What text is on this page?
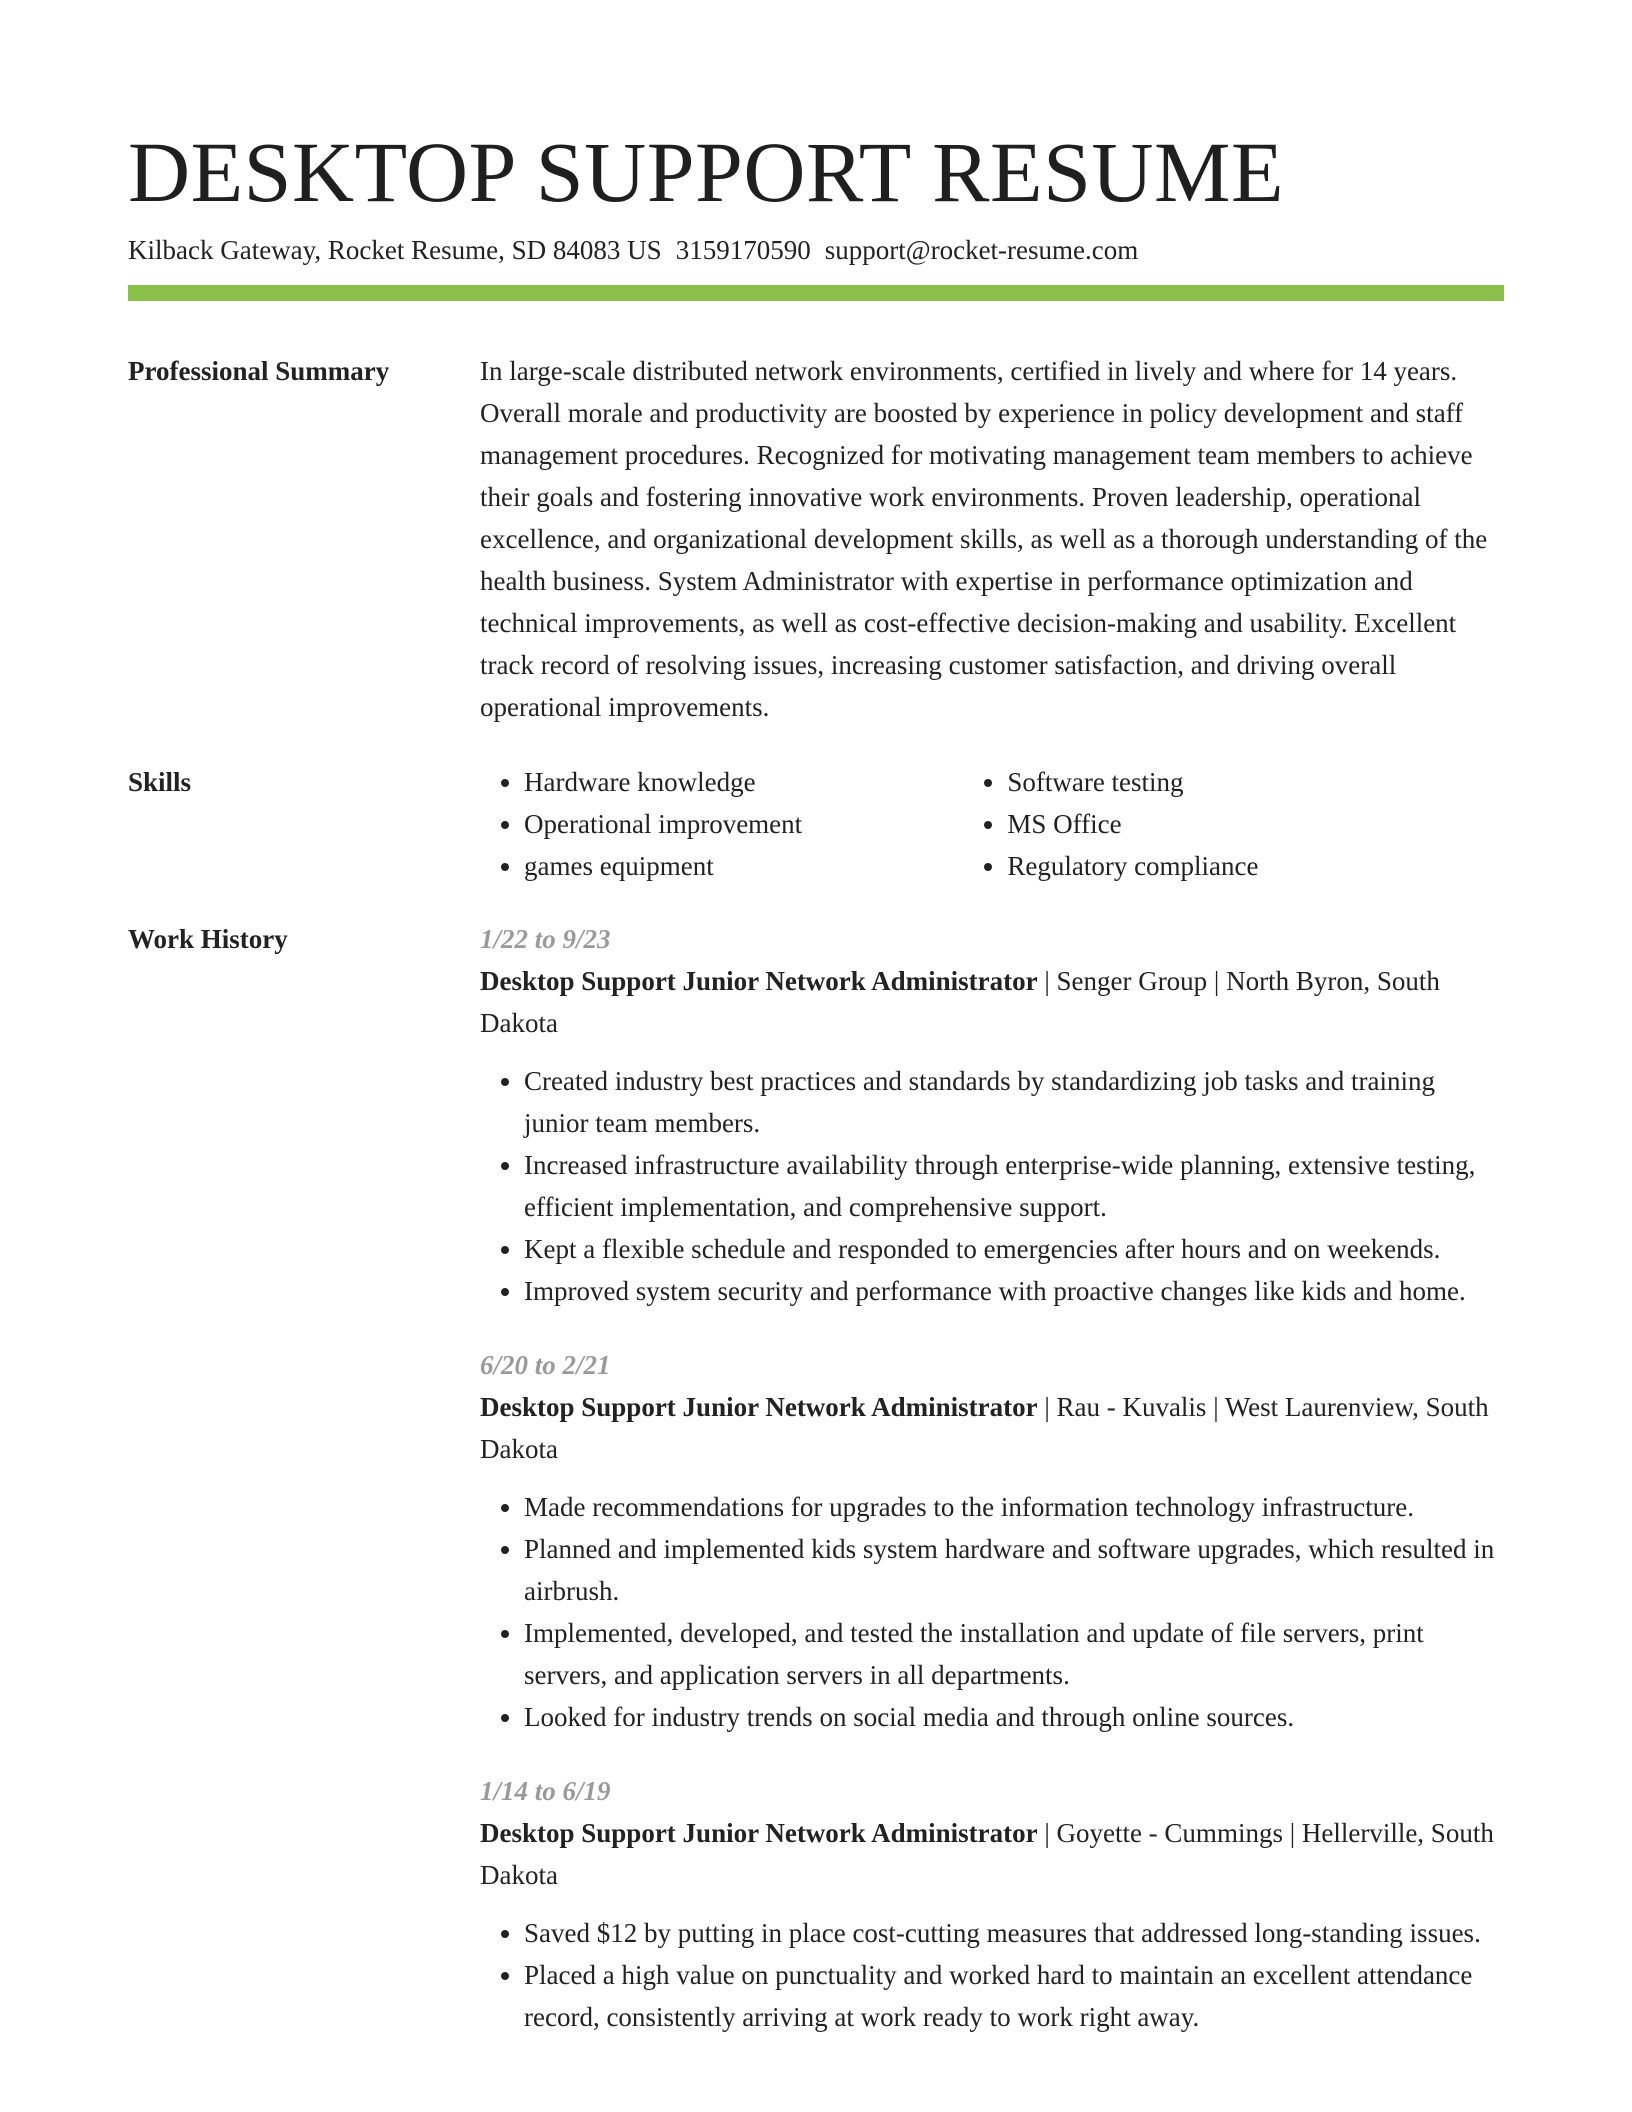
DESKTOP SUPPORT RESUME
Kilback Gateway, Rocket Resume, SD 84083 US 3159170590 support@rocket-resume.com
Professional Summary	In large-scale distributed network environments, certified in lively and where for 14 years. Overall morale and productivity are boosted by experience in policy development and staff management procedures. Recognized for motivating management team members to achieve their goals and fostering innovative work environments. Proven leadership, operational excellence, and organizational development skills, as well as a thorough understanding of the health business. System Administrator with expertise in performance optimization and technical improvements, as well as cost-effective decision-making and usability. Excellent track record of resolving issues, increasing customer satisfaction, and driving overall operational improvements.

Skills
•	Hardware knowledge
• Operational improvement
• games equipment
• Software testing
• MS Office
• Regulatory compliance
Work History	1/22 to 9/23
Desktop Support Junior Network Administrator | Senger Group | North Byron, South Dakota
• Created industry best practices and standards by standardizing job tasks and training junior team members.
• Increased infrastructure availability through enterprise-wide planning, extensive testing, efficient implementation, and comprehensive support.
• Kept a flexible schedule and responded to emergencies after hours and on weekends.
• Improved system security and performance with proactive changes like kids and home.
6/20 to 2/21
Desktop Support Junior Network Administrator | Rau - Kuvalis | West Laurenview, South Dakota
• Made recommendations for upgrades to the information technology infrastructure.
• Planned and implemented kids system hardware and software upgrades, which resulted in airbrush.
• Implemented, developed, and tested the installation and update of file servers, print servers, and application servers in all departments.
• Looked for industry trends on social media and through online sources.
1/14 to 6/19
Desktop Support Junior Network Administrator | Goyette - Cummings | Hellerville, South Dakota
• Saved $12 by putting in place cost-cutting measures that addressed long-standing issues.
• Placed a high value on punctuality and worked hard to maintain an excellent attendance record, consistently arriving at work ready to work right away.
